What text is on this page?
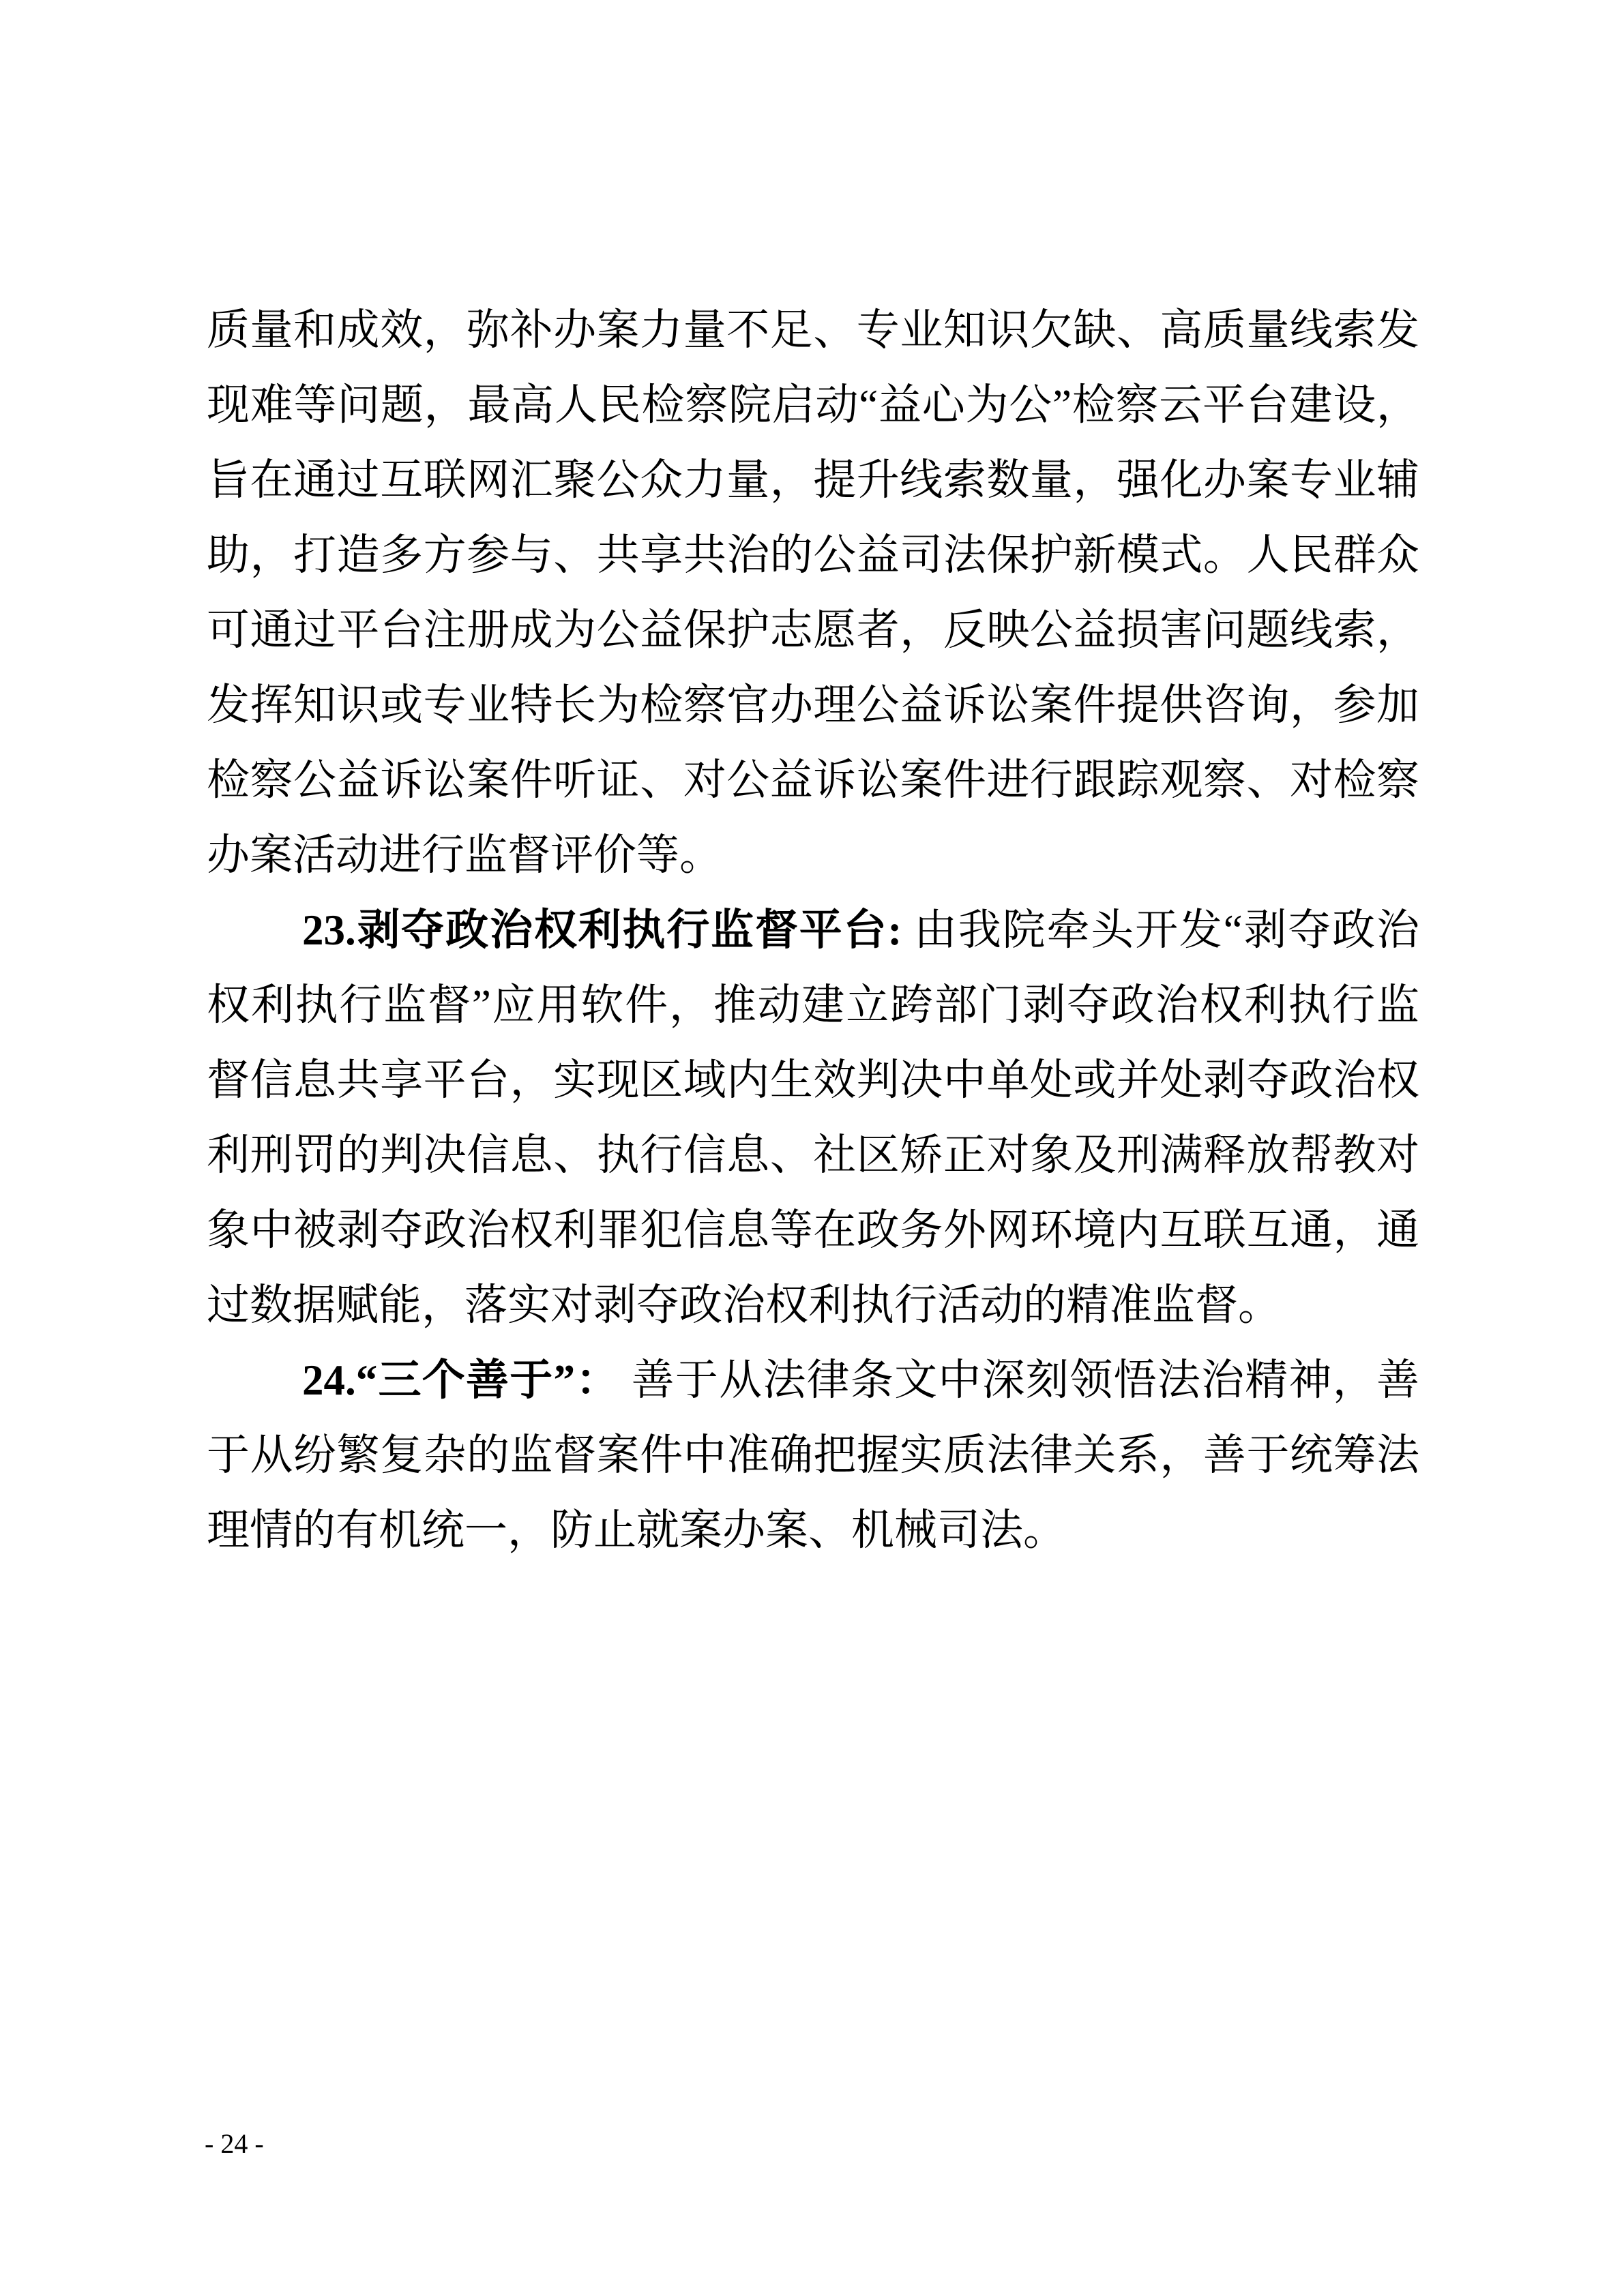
质量和成效，弥补办案力量不足、专业知识欠缺、高质量线索发现难等问题，最高人民检察院启动“益心为公”检察云平台建设，旨在通过互联网汇聚公众力量，提升线索数量，强化办案专业辅助，打造多方参与、共享共治的公益司法保护新模式。人民群众可通过平台注册成为公益保护志愿者，反映公益损害问题线索，发挥知识或专业特长为检察官办理公益诉讼案件提供咨询，参加检察公益诉讼案件听证、对公益诉讼案件进行跟踪观察、对检察办案活动进行监督评价等。

23.剥夺政治权利执行监督平台: 由我院牵头开发“剥夺政治权利执行监督”应用软件，推动建立跨部门剥夺政治权利执行监督信息共享平台，实现区域内生效判决中单处或并处剥夺政治权利刑罚的判决信息、执行信息、社区矫正对象及刑满释放帮教对象中被剥夺政治权利罪犯信息等在政务外网环境内互联互通，通过数据赋能，落实对剥夺政治权利执行活动的精准监督。

24.“三个善于”： 善于从法律条文中深刻领悟法治精神，善于从纷繁复杂的监督案件中准确把握实质法律关系，善于统筹法理情的有机统一，防止就案办案、机械司法。

- 24 -
